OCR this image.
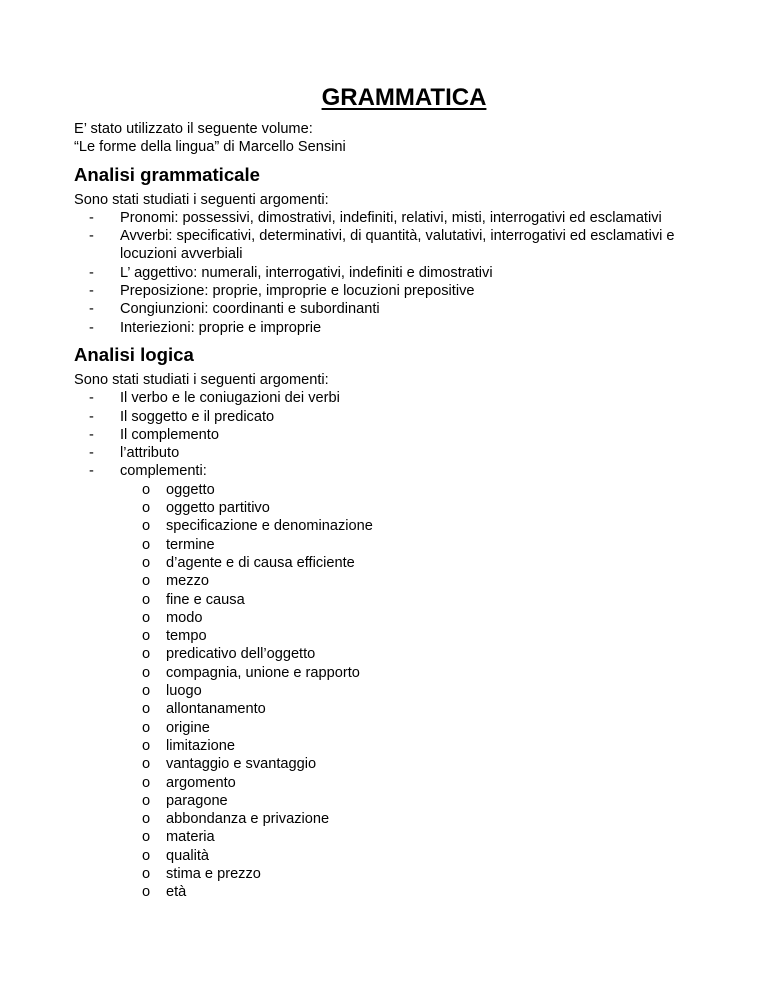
GRAMMATICA
E’ stato utilizzato il seguente volume:
“Le forme della lingua” di Marcello Sensini
Analisi grammaticale
Sono stati studiati i seguenti argomenti:
- Pronomi: possessivi, dimostrativi, indefiniti, relativi, misti, interrogativi ed esclamativi
- Avverbi: specificativi, determinativi, di quantità, valutativi, interrogativi ed esclamativi e locuzioni avverbiali
- L’ aggettivo: numerali, interrogativi, indefiniti e dimostrativi
- Preposizione: proprie, improprie e locuzioni prepositive
- Congiunzioni: coordinanti e subordinanti
- Interiezioni: proprie e improprie
Analisi logica
Sono stati studiati i seguenti argomenti:
- Il verbo e le coniugazioni dei verbi
- Il soggetto e il predicato
- Il complemento
- l’attributo
- complementi:
o oggetto
o oggetto partitivo
o specificazione e denominazione
o termine
o d’agente e di causa efficiente
o mezzo
o fine e causa
o modo
o tempo
o predicativo dell’oggetto
o compagnia, unione e rapporto
o luogo
o allontanamento
o origine
o limitazione
o vantaggio e svantaggio
o argomento
o paragone
o abbondanza e privazione
o materia
o qualità
o stima e prezzo
o età
